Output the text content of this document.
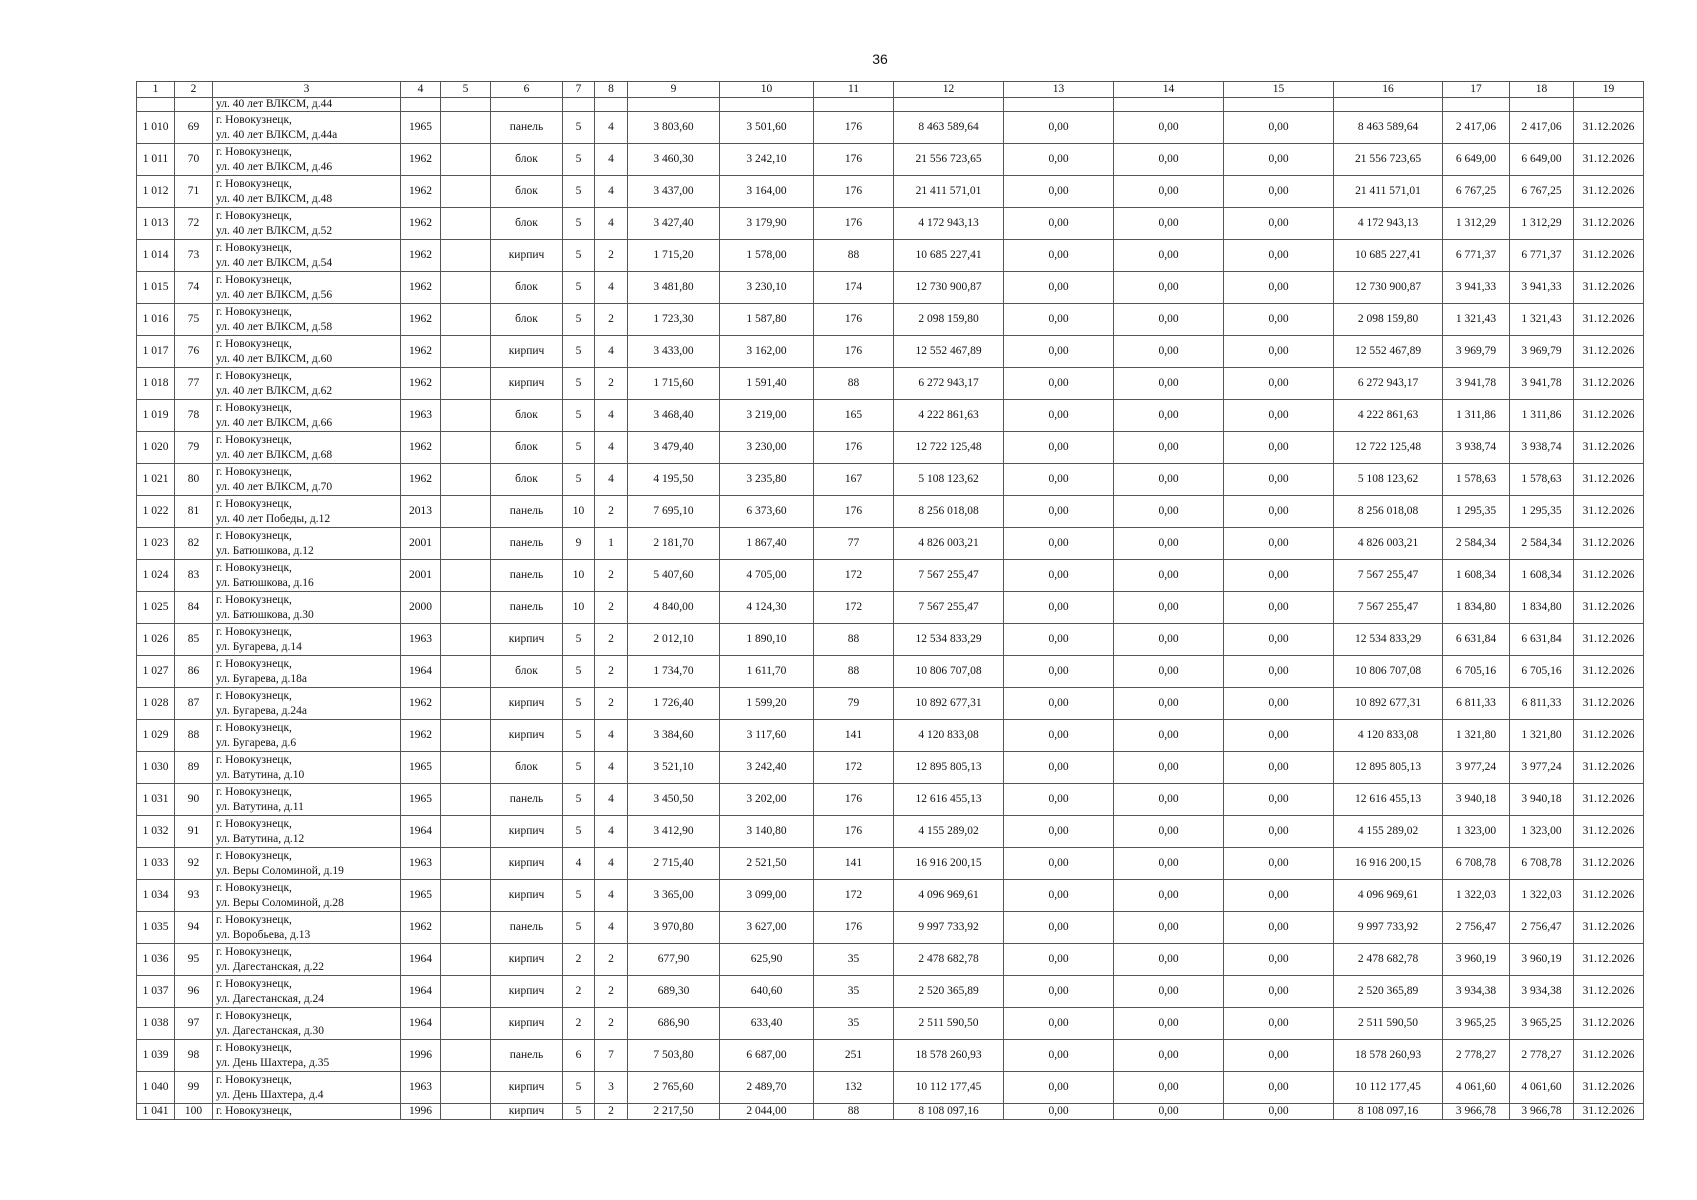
36
1	2	3	4	5	6	7	8	9	10	11	12	13	14	15	16	17	18	19
		ул. 40 лет ВЛКСМ, д.44																
1 010	69	г. Новокузнецк,
ул. 40 лет ВЛКСМ, д.44а	1965		панель	5	4	3 803,60	3 501,60	176	8 463 589,64	0,00	0,00	0,00	8 463 589,64	2 417,06	2 417,06	31.12.2026
1 011	70	г. Новокузнецк,
ул. 40 лет ВЛКСМ, д.46	1962		блок	5	4	3 460,30	3 242,10	176	21 556 723,65	0,00	0,00	0,00	21 556 723,65	6 649,00	6 649,00	31.12.2026
1 012	71	г. Новокузнецк,
ул. 40 лет ВЛКСМ, д.48	1962		блок	5	4	3 437,00	3 164,00	176	21 411 571,01	0,00	0,00	0,00	21 411 571,01	6 767,25	6 767,25	31.12.2026
1 013	72	г. Новокузнецк,
ул. 40 лет ВЛКСМ, д.52	1962		блок	5	4	3 427,40	3 179,90	176	4 172 943,13	0,00	0,00	0,00	4 172 943,13	1 312,29	1 312,29	31.12.2026
1 014	73	г. Новокузнецк,
ул. 40 лет ВЛКСМ, д.54	1962		кирпич	5	2	1 715,20	1 578,00	88	10 685 227,41	0,00	0,00	0,00	10 685 227,41	6 771,37	6 771,37	31.12.2026
1 015	74	г. Новокузнецк,
ул. 40 лет ВЛКСМ, д.56	1962		блок	5	4	3 481,80	3 230,10	174	12 730 900,87	0,00	0,00	0,00	12 730 900,87	3 941,33	3 941,33	31.12.2026
1 016	75	г. Новокузнецк,
ул. 40 лет ВЛКСМ, д.58	1962		блок	5	2	1 723,30	1 587,80	176	2 098 159,80	0,00	0,00	0,00	2 098 159,80	1 321,43	1 321,43	31.12.2026
1 017	76	г. Новокузнецк,
ул. 40 лет ВЛКСМ, д.60	1962		кирпич	5	4	3 433,00	3 162,00	176	12 552 467,89	0,00	0,00	0,00	12 552 467,89	3 969,79	3 969,79	31.12.2026
1 018	77	г. Новокузнецк,
ул. 40 лет ВЛКСМ, д.62	1962		кирпич	5	2	1 715,60	1 591,40	88	6 272 943,17	0,00	0,00	0,00	6 272 943,17	3 941,78	3 941,78	31.12.2026
1 019	78	г. Новокузнецк,
ул. 40 лет ВЛКСМ, д.66	1963		блок	5	4	3 468,40	3 219,00	165	4 222 861,63	0,00	0,00	0,00	4 222 861,63	1 311,86	1 311,86	31.12.2026
1 020	79	г. Новокузнецк,
ул. 40 лет ВЛКСМ, д.68	1962		блок	5	4	3 479,40	3 230,00	176	12 722 125,48	0,00	0,00	0,00	12 722 125,48	3 938,74	3 938,74	31.12.2026
1 021	80	г. Новокузнецк,
ул. 40 лет ВЛКСМ, д.70	1962		блок	5	4	4 195,50	3 235,80	167	5 108 123,62	0,00	0,00	0,00	5 108 123,62	1 578,63	1 578,63	31.12.2026
1 022	81	г. Новокузнецк,
ул. 40 лет Победы, д.12	2013		панель	10	2	7 695,10	6 373,60	176	8 256 018,08	0,00	0,00	0,00	8 256 018,08	1 295,35	1 295,35	31.12.2026
1 023	82	г. Новокузнецк,
ул. Батюшкова, д.12	2001		панель	9	1	2 181,70	1 867,40	77	4 826 003,21	0,00	0,00	0,00	4 826 003,21	2 584,34	2 584,34	31.12.2026
1 024	83	г. Новокузнецк,
ул. Батюшкова, д.16	2001		панель	10	2	5 407,60	4 705,00	172	7 567 255,47	0,00	0,00	0,00	7 567 255,47	1 608,34	1 608,34	31.12.2026
1 025	84	г. Новокузнецк,
ул. Батюшкова, д.30	2000		панель	10	2	4 840,00	4 124,30	172	7 567 255,47	0,00	0,00	0,00	7 567 255,47	1 834,80	1 834,80	31.12.2026
1 026	85	г. Новокузнецк,
ул. Бугарева, д.14	1963		кирпич	5	2	2 012,10	1 890,10	88	12 534 833,29	0,00	0,00	0,00	12 534 833,29	6 631,84	6 631,84	31.12.2026
1 027	86	г. Новокузнецк,
ул. Бугарева, д.18а	1964		блок	5	2	1 734,70	1 611,70	88	10 806 707,08	0,00	0,00	0,00	10 806 707,08	6 705,16	6 705,16	31.12.2026
1 028	87	г. Новокузнецк,
ул. Бугарева, д.24а	1962		кирпич	5	2	1 726,40	1 599,20	79	10 892 677,31	0,00	0,00	0,00	10 892 677,31	6 811,33	6 811,33	31.12.2026
1 029	88	г. Новокузнецк,
ул. Бугарева, д.6	1962		кирпич	5	4	3 384,60	3 117,60	141	4 120 833,08	0,00	0,00	0,00	4 120 833,08	1 321,80	1 321,80	31.12.2026
1 030	89	г. Новокузнецк,
ул. Ватутина, д.10	1965		блок	5	4	3 521,10	3 242,40	172	12 895 805,13	0,00	0,00	0,00	12 895 805,13	3 977,24	3 977,24	31.12.2026
1 031	90	г. Новокузнецк,
ул. Ватутина, д.11	1965		панель	5	4	3 450,50	3 202,00	176	12 616 455,13	0,00	0,00	0,00	12 616 455,13	3 940,18	3 940,18	31.12.2026
1 032	91	г. Новокузнецк,
ул. Ватутина, д.12	1964		кирпич	5	4	3 412,90	3 140,80	176	4 155 289,02	0,00	0,00	0,00	4 155 289,02	1 323,00	1 323,00	31.12.2026
1 033	92	г. Новокузнецк,
ул. Веры Соломиной, д.19	1963		кирпич	4	4	2 715,40	2 521,50	141	16 916 200,15	0,00	0,00	0,00	16 916 200,15	6 708,78	6 708,78	31.12.2026
1 034	93	г. Новокузнецк,
ул. Веры Соломиной, д.28	1965		кирпич	5	4	3 365,00	3 099,00	172	4 096 969,61	0,00	0,00	0,00	4 096 969,61	1 322,03	1 322,03	31.12.2026
1 035	94	г. Новокузнецк,
ул. Воробьева, д.13	1962		панель	5	4	3 970,80	3 627,00	176	9 997 733,92	0,00	0,00	0,00	9 997 733,92	2 756,47	2 756,47	31.12.2026
1 036	95	г. Новокузнецк,
ул. Дагестанская, д.22	1964		кирпич	2	2	677,90	625,90	35	2 478 682,78	0,00	0,00	0,00	2 478 682,78	3 960,19	3 960,19	31.12.2026
1 037	96	г. Новокузнецк,
ул. Дагестанская, д.24	1964		кирпич	2	2	689,30	640,60	35	2 520 365,89	0,00	0,00	0,00	2 520 365,89	3 934,38	3 934,38	31.12.2026
1 038	97	г. Новокузнецк,
ул. Дагестанская, д.30	1964		кирпич	2	2	686,90	633,40	35	2 511 590,50	0,00	0,00	0,00	2 511 590,50	3 965,25	3 965,25	31.12.2026
1 039	98	г. Новокузнецк,
ул. День Шахтера, д.35	1996		панель	6	7	7 503,80	6 687,00	251	18 578 260,93	0,00	0,00	0,00	18 578 260,93	2 778,27	2 778,27	31.12.2026
1 040	99	г. Новокузнецк,
ул. День Шахтера, д.4	1963		кирпич	5	3	2 765,60	2 489,70	132	10 112 177,45	0,00	0,00	0,00	10 112 177,45	4 061,60	4 061,60	31.12.2026
1 041	100	г. Новокузнецк,	1996		кирпич	5	2	2 217,50	2 044,00	88	8 108 097,16	0,00	0,00	0,00	8 108 097,16	3 966,78	3 966,78	31.12.2026
